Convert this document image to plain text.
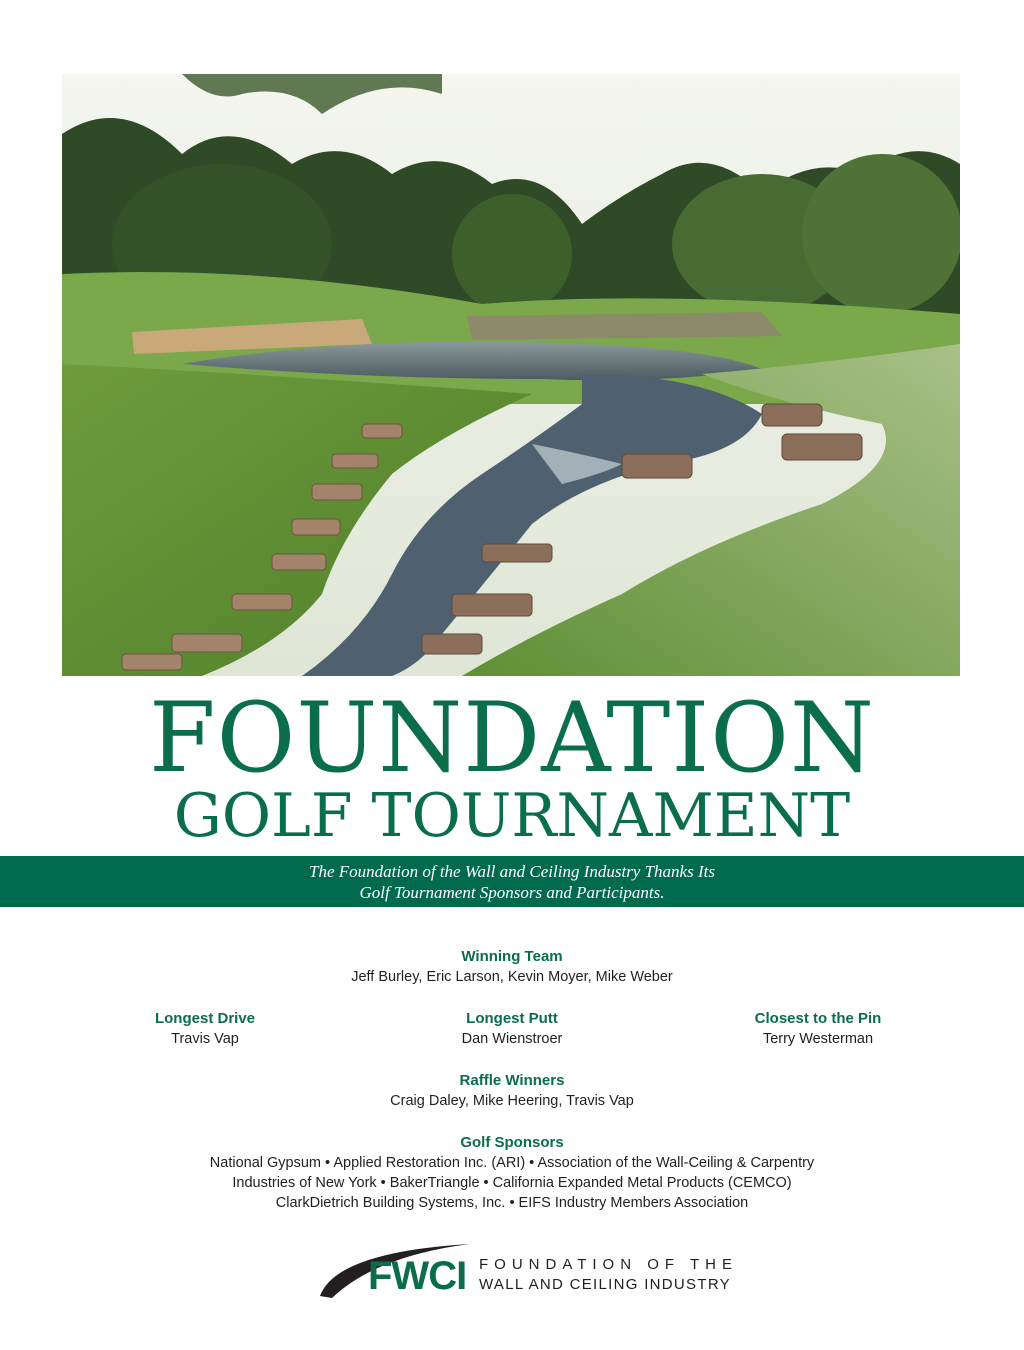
FOUNDATION
GOLF TOURNAMENT
The Foundation of the Wall and Ceiling Industry Thanks Its
Golf Tournament Sponsors and Participants.
Winning Team
Jeff Burley, Eric Larson, Kevin Moyer, Mike Weber
Longest Drive
Travis Vap
Longest Putt
Dan Wienstroer
Closest to the Pin
Terry Westerman
Raffle Winners
Craig Daley, Mike Heering, Travis Vap
Golf Sponsors
National Gypsum • Applied Restoration Inc. (ARI) • Association of the Wall-Ceiling & Carpentry
Industries of New York • BakerTriangle • California Expanded Metal Products (CEMCO)
ClarkDietrich Building Systems, Inc. • EIFS Industry Members Association
FWCI FOUNDATION OF THE
WALL AND CEILING INDUSTRY
